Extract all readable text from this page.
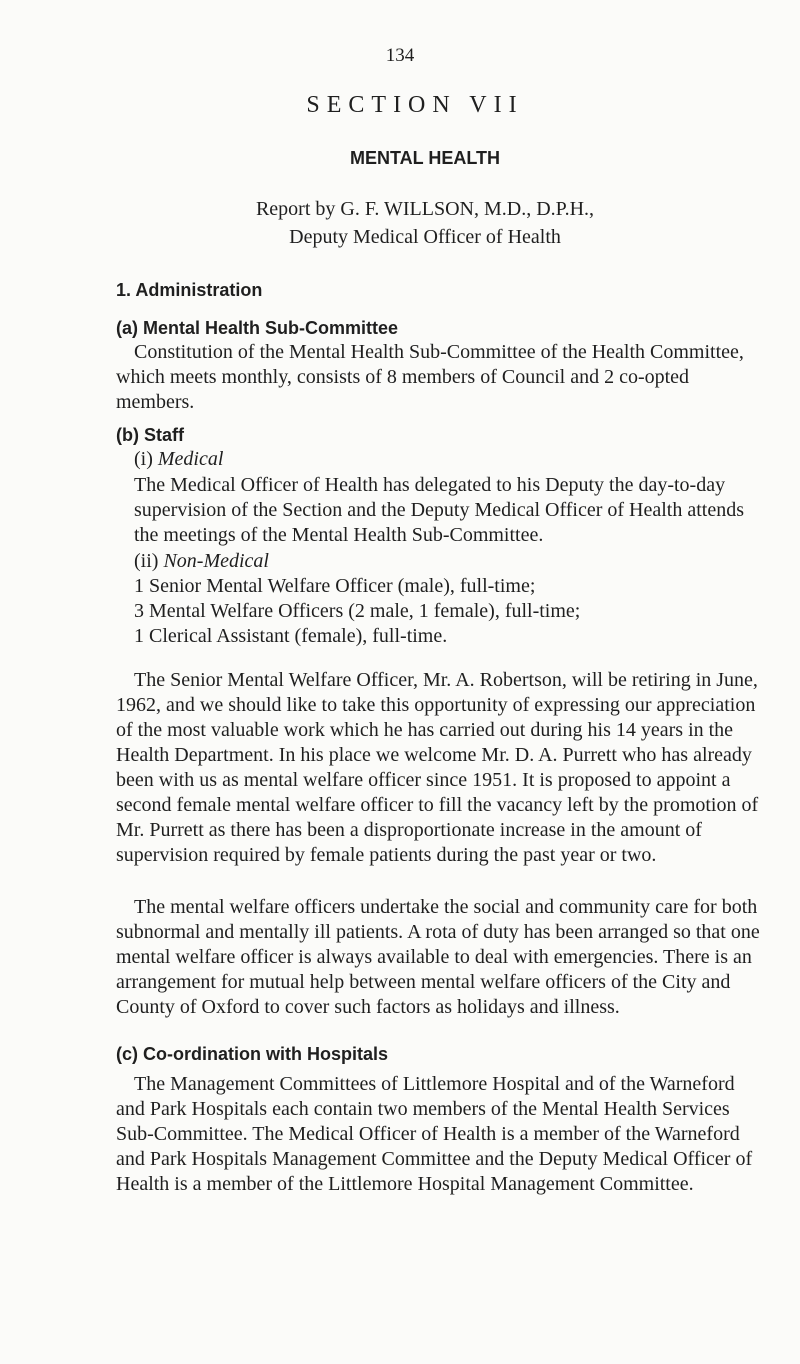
134
SECTION VII
MENTAL HEALTH
Report by G. F. WILLSON, M.D., D.P.H.,
Deputy Medical Officer of Health
1. Administration
(a) Mental Health Sub-Committee
Constitution of the Mental Health Sub-Committee of the Health Committee, which meets monthly, consists of 8 members of Council and 2 co-opted members.
(b) Staff
(i) Medical
The Medical Officer of Health has delegated to his Deputy the day-to-day supervision of the Section and the Deputy Medical Officer of Health attends the meetings of the Mental Health Sub-Committee.
(ii) Non-Medical
1 Senior Mental Welfare Officer (male), full-time;
3 Mental Welfare Officers (2 male, 1 female), full-time;
1 Clerical Assistant (female), full-time.
The Senior Mental Welfare Officer, Mr. A. Robertson, will be retiring in June, 1962, and we should like to take this opportunity of expressing our appreciation of the most valuable work which he has carried out during his 14 years in the Health Department. In his place we welcome Mr. D. A. Purrett who has already been with us as mental welfare officer since 1951. It is proposed to appoint a second female mental welfare officer to fill the vacancy left by the promotion of Mr. Purrett as there has been a disproportionate increase in the amount of supervision required by female patients during the past year or two.
The mental welfare officers undertake the social and community care for both subnormal and mentally ill patients. A rota of duty has been arranged so that one mental welfare officer is always available to deal with emergencies. There is an arrangement for mutual help between mental welfare officers of the City and County of Oxford to cover such factors as holidays and illness.
(c) Co-ordination with Hospitals
The Management Committees of Littlemore Hospital and of the Warneford and Park Hospitals each contain two members of the Mental Health Services Sub-Committee. The Medical Officer of Health is a member of the Warneford and Park Hospitals Management Committee and the Deputy Medical Officer of Health is a member of the Littlemore Hospital Management Committee.
